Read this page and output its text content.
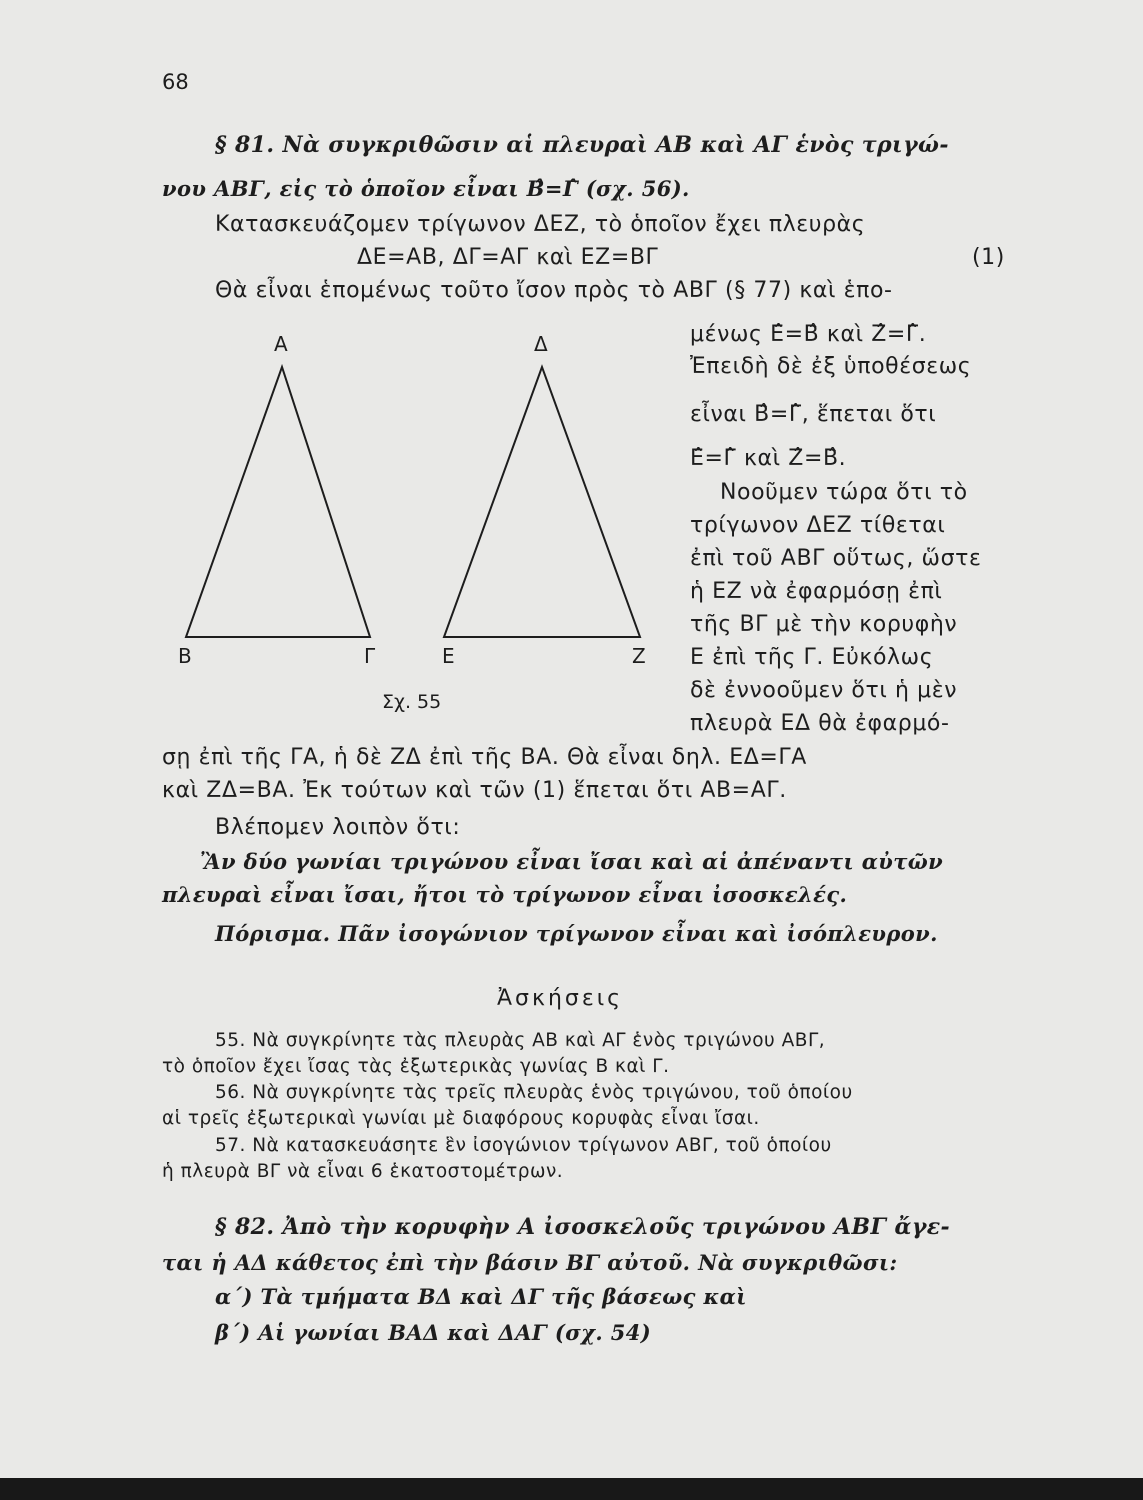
68
§ 81. Νὰ συγκριθῶσιν αἱ πλευραὶ ΑΒ καὶ ΑΓ ἑνὸς τριγώ-
νου ΑΒΓ, εἰς τὸ ὁποῖον εἶναι Β̂=Γ̂ (σχ. 56).
Κατασκευάζομεν τρίγωνον ΔΕΖ, τὸ ὁποῖον ἔχει πλευρὰς
ΔΕ=ΑΒ, ΔΓ=ΑΓ καὶ ΕΖ=ΒΓ	(1)
Θὰ εἶναι ἑπομένως τοῦτο ἴσον πρὸς τὸ ΑΒΓ (§ 77) καὶ ἑπο-
μένως Ε̂=Β̂ καὶ Ζ̂=Γ̂.
Ἐπειδὴ δὲ ἐξ ὑποθέσεως
εἶναι Β̂=Γ̂, ἕπεται ὅτι
Ε̂=Γ̂ καὶ Ζ̂=Β̂.
Νοοῦμεν τώρα ὅτι τὸ
τρίγωνον ΔΕΖ τίθεται
ἐπὶ τοῦ ΑΒΓ οὕτως, ὥστε
ἡ ΕΖ νὰ ἐφαρμόσῃ ἐπὶ
τῆς ΒΓ μὲ τὴν κορυφὴν
Ε ἐπὶ τῆς Γ. Εὐκόλως
δὲ ἐννοοῦμεν ὅτι ἡ μὲν
πλευρὰ ΕΔ θὰ ἐφαρμό-
Α
Β	Γ
Δ
Ε	Ζ
Σχ. 55
σῃ ἐπὶ τῆς ΓΑ, ἡ δὲ ΖΔ ἐπὶ τῆς ΒΑ. Θὰ εἶναι δηλ. ΕΔ=ΓΑ
καὶ ΖΔ=ΒΑ. Ἐκ τούτων καὶ τῶν (1) ἕπεται ὅτι ΑΒ=ΑΓ.
Βλέπομεν λοιπὸν ὅτι:
Ἂν δύο γωνίαι τριγώνου εἶναι ἴσαι καὶ αἱ ἀπέναντι αὐτῶν
πλευραὶ εἶναι ἴσαι, ἤτοι τὸ τρίγωνον εἶναι ἰσοσκελές.
Πόρισμα. Πᾶν ἰσογώνιον τρίγωνον εἶναι καὶ ἰσόπλευρον.
Ἀσκήσεις
55. Νὰ συγκρίνητε τὰς πλευρὰς ΑΒ καὶ ΑΓ ἑνὸς τριγώνου ΑΒΓ,
τὸ ὁποῖον ἔχει ἴσας τὰς ἐξωτερικὰς γωνίας Β καὶ Γ.
56. Νὰ συγκρίνητε τὰς τρεῖς πλευρὰς ἑνὸς τριγώνου, τοῦ ὁποίου
αἱ τρεῖς ἐξωτερικαὶ γωνίαι μὲ διαφόρους κορυφὰς εἶναι ἴσαι.
57. Νὰ κατασκευάσητε ἓν ἰσογώνιον τρίγωνον ΑΒΓ, τοῦ ὁποίου
ἡ πλευρὰ ΒΓ νὰ εἶναι 6 ἑκατοστομέτρων.
§ 82. Ἀπὸ τὴν κορυφὴν Α ἰσοσκελοῦς τριγώνου ΑΒΓ ἄγε-
ται ἡ ΑΔ κάθετος ἐπὶ τὴν βάσιν ΒΓ αὐτοῦ. Νὰ συγκριθῶσι:
α΄) Τὰ τμήματα ΒΔ καὶ ΔΓ τῆς βάσεως καὶ
β΄) Αἱ γωνίαι ΒΑΔ καὶ ΔΑΓ (σχ. 54)
